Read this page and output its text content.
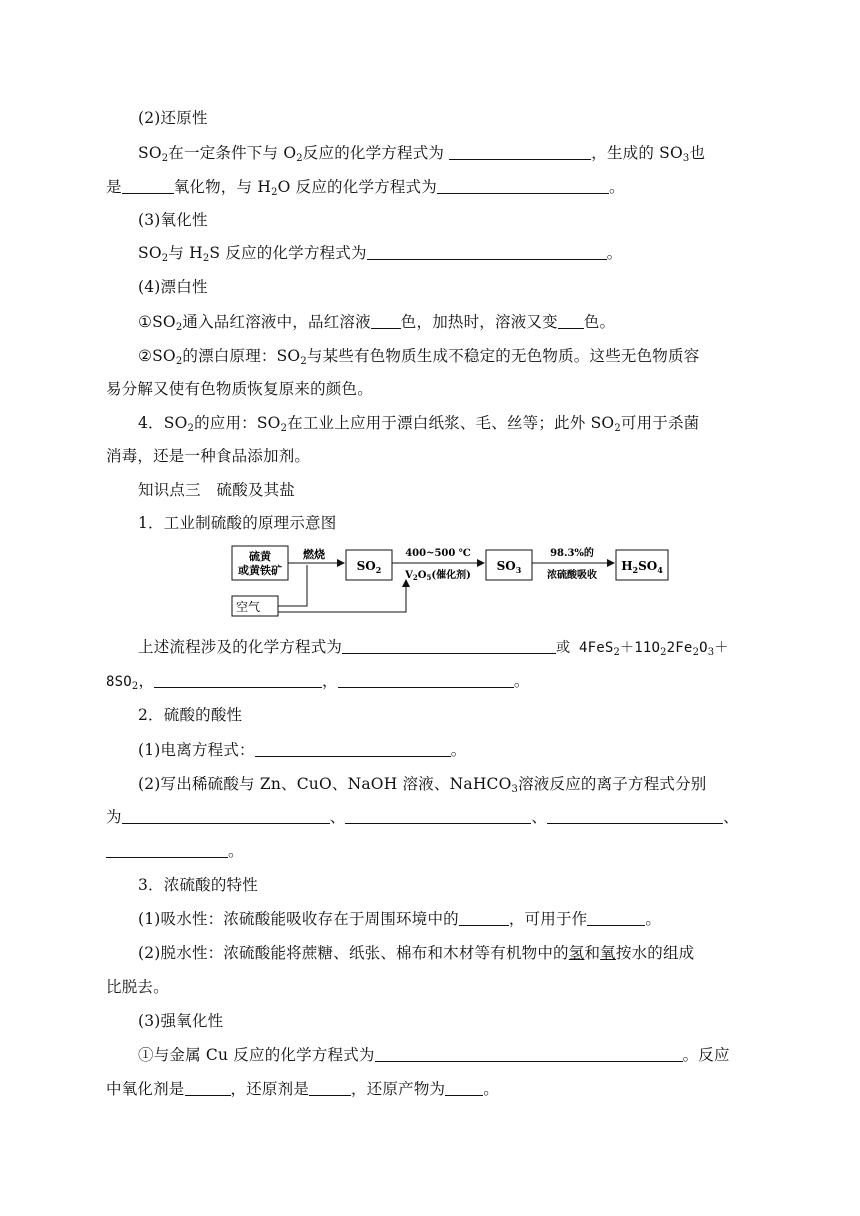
(2)还原性
$SO_2$在一定条件下与 $O_2$反应的化学方程式为	，生成的 $SO_3$也
是	氧化物，与 $H_2O$ 反应的化学方程式为	。
(3)氧化性
$SO_2$与 $H_2S$ 反应的化学方程式为	。
(4)漂白性
$①SO_2$通入品红溶液中，品红溶液 色，加热时，溶液又变 色。
$②SO_2$的漂白原理：$SO_2$与某些有色物质生成不稳定的无色物质。这些无色物质容
易分解又使有色物质恢复原来的颜色。
4．$SO_2$的应用：$SO_2$在工业上应用于漂白纸浆、毛、丝等；此外 $SO_2$可用于杀菌
消毒，还是一种食品添加剂。
知识点三　硫酸及其盐
1．工业制硫酸的原理示意图
硫黄
或黄铁矿
燃烧
空气
$SO_2$
400~500 ℃
$V_2O_5$(催化剂)
$SO_3$
98.3%的
浓硫酸吸收
$H_2SO_4$
上述流程涉及的化学方程式为	或 $4FeS_2+11O_22Fe_2O_3+$
$8SO_2$，	，	。
2．硫酸的酸性
(1)电离方程式：	。
(2)写出稀硫酸与 Zn、CuO、NaOH 溶液、NaHCO$_3$溶液反应的离子方程式分别
为	、	、	、
。
3．浓硫酸的特性
(1)吸水性：浓硫酸能吸收存在于周围环境中的	，可用于作	。
(2)脱水性：浓硫酸能将蔗糖、纸张、棉布和木材等有机物中的氢和氧按水的组成
比脱去。
(3)强氧化性
①与金属 Cu 反应的化学方程式为	。反应
中氧化剂是	，还原剂是	，还原产物为 。
